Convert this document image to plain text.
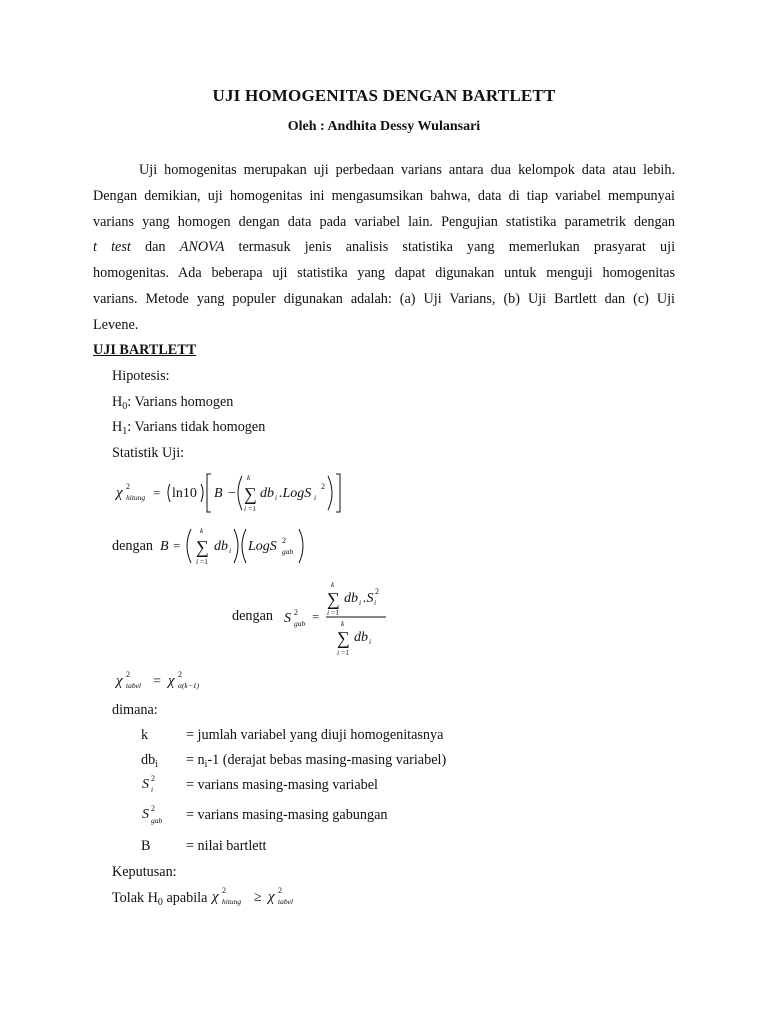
UJI HOMOGENITAS DENGAN BARTLETT
Oleh : Andhita Dessy Wulansari
Uji homogenitas merupakan uji perbedaan varians antara dua kelompok data atau lebih.
Dengan demikian, uji homogenitas ini mengasumsikan bahwa, data di tiap variabel mempunyai
varians yang homogen dengan data pada variabel lain. Pengujian statistika parametrik dengan
t test dan ANOVA termasuk jenis analisis statistika yang memerlukan prasyarat uji
homogenitas. Ada beberapa uji statistika yang dapat digunakan untuk menguji homogenitas
varians. Metode yang populer digunakan adalah: (a) Uji Varians, (b) Uji Bartlett dan (c) Uji
Levene.
UJI BARTLETT
Hipotesis:
$H_0$: Varians homogen
$H_1$: Varians tidak homogen
Statistik Uji:
χ 2
hitung = ln10 B −
k
∑
i =1
db i .LogS i
2
dengan B =
k
∑
i =1
db i LogS 2
gab
dengan S 2
gab =
k
∑
i =1
db i .S i
2
k
∑
i =1
db i
χ 2
tabel = χ 2
α(k−1)
dimana:
k	= jumlah variabel yang diuji homogenitasnya
$db_i = n_i-1$ (derajat bebas masing-masing variabel)
S 2
i = varians masing-masing variabel
S 2
gab = varians masing-masing gabungan
B	= nilai bartlett
Keputusan:
Tolak $H_0$ apabila χ 2
hitung ≥ χ 2
tabel
